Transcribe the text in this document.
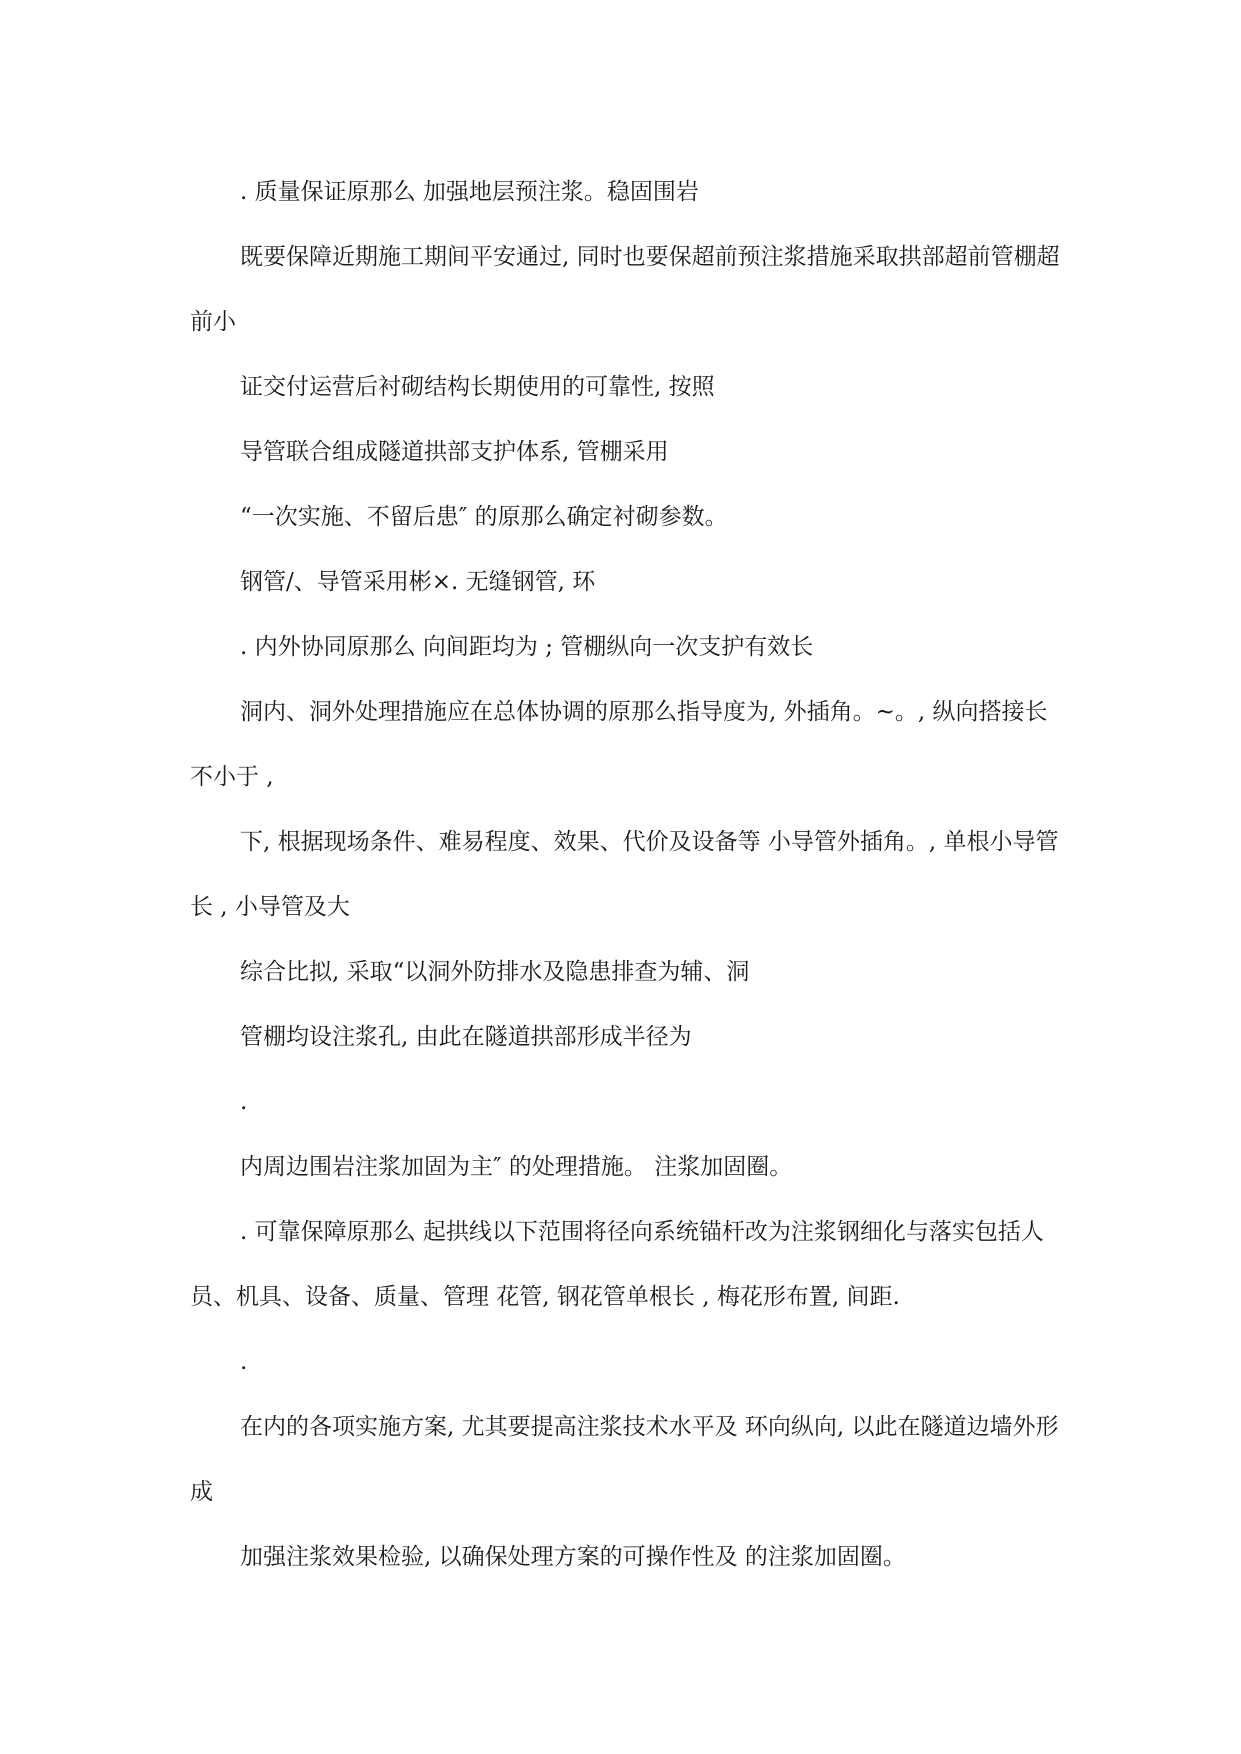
. 质量保证原那么 加强地层预注浆。稳固围岩

既要保障近期施工期间平安通过, 同时也要保超前预注浆措施采取拱部超前管棚超前小

证交付运营后衬砌结构长期使用的可靠性, 按照

导管联合组成隧道拱部支护体系, 管棚采用

“一次实施、不留后患″ 的原那么确定衬砌参数。

钢管/、导管采用彬×. 无缝钢管, 环

. 内外协同原那么 向间距均为 ; 管棚纵向一次支护有效长

洞内、洞外处理措施应在总体协调的原那么指导度为, 外插角。~。, 纵向搭接长不小于 ,

下, 根据现场条件、难易程度、效果、代价及设备等 小导管外插角。, 单根小导管长 , 小导管及大

综合比拟, 采取“以洞外防排水及隐患排查为辅、洞

管棚均设注浆孔, 由此在隧道拱部形成半径为

.

内周边围岩注浆加固为主″ 的处理措施。 注浆加固圈。

. 可靠保障原那么 起拱线以下范围将径向系统锚杆改为注浆钢细化与落实包括人员、机具、设备、质量、管理 花管, 钢花管单根长 , 梅花形布置, 间距.

.

在内的各项实施方案, 尤其要提高注浆技术水平及 环向纵向, 以此在隧道边墙外形成

加强注浆效果检验, 以确保处理方案的可操作性及 的注浆加固圈。
